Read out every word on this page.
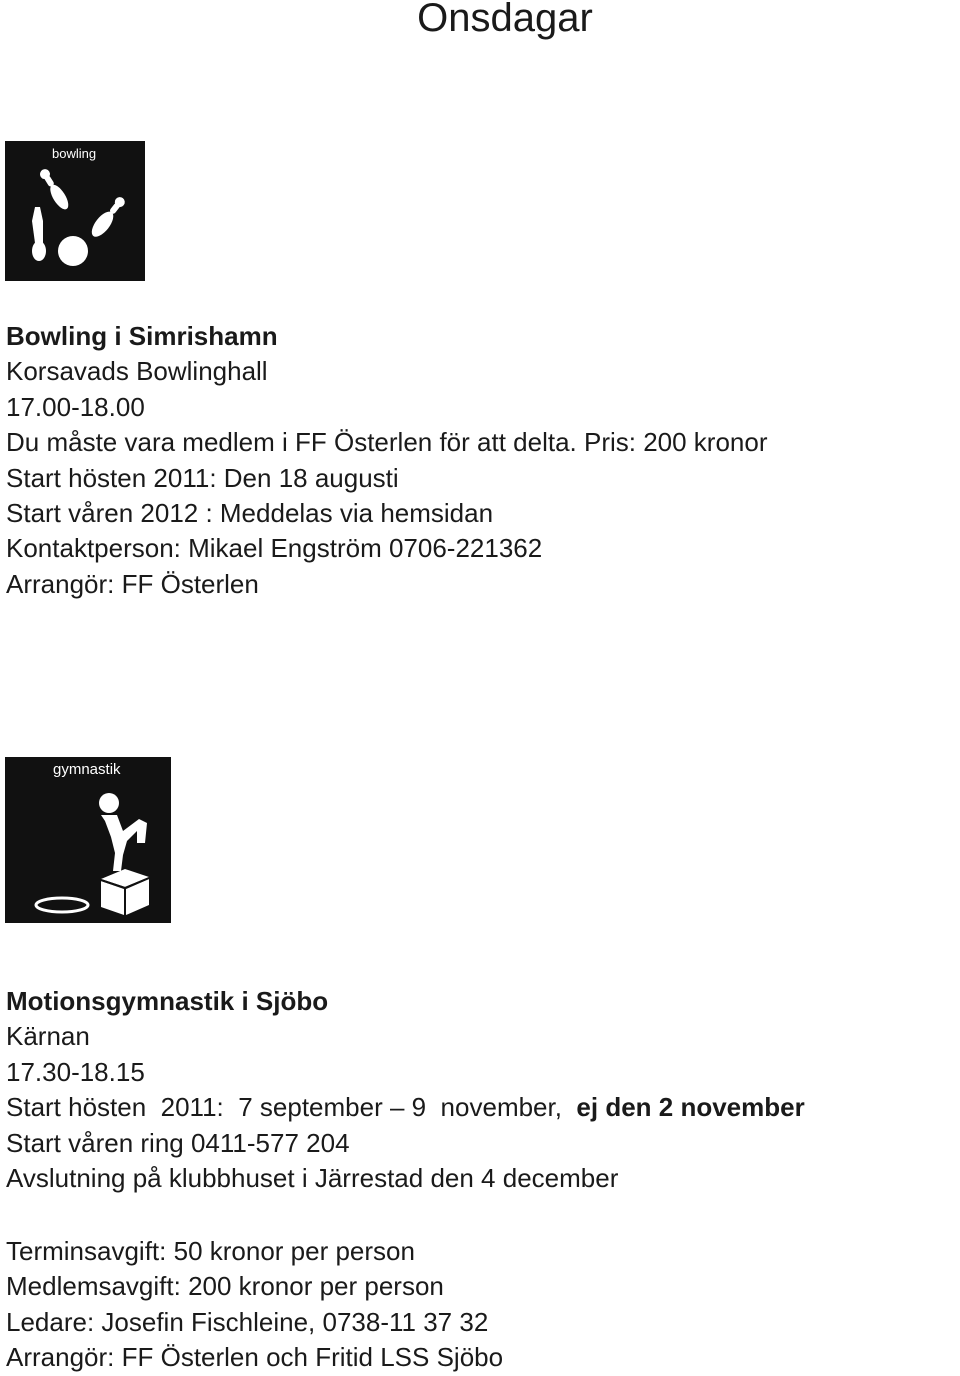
Onsdagar
bowling
Bowling i Simrishamn
Korsavads Bowlinghall
17.00-18.00
Du måste vara medlem i FF Österlen för att delta. Pris: 200 kronor
Start hösten 2011: Den 18 augusti
Start våren 2012 : Meddelas via hemsidan
Kontaktperson: Mikael Engström 0706-221362
Arrangör: FF Österlen
gymnastik
Motionsgymnastik i Sjöbo
Kärnan
17.30-18.15
Start hösten  2011:  7 september – 9  november,  ej den 2 november
Start våren ring 0411-577 204
Avslutning på klubbhuset i Järrestad den 4 december
Terminsavgift: 50 kronor per person
Medlemsavgift: 200 kronor per person
Ledare: Josefin Fischleine, 0738-11 37 32
Arrangör: FF Österlen och Fritid LSS Sjöbo
